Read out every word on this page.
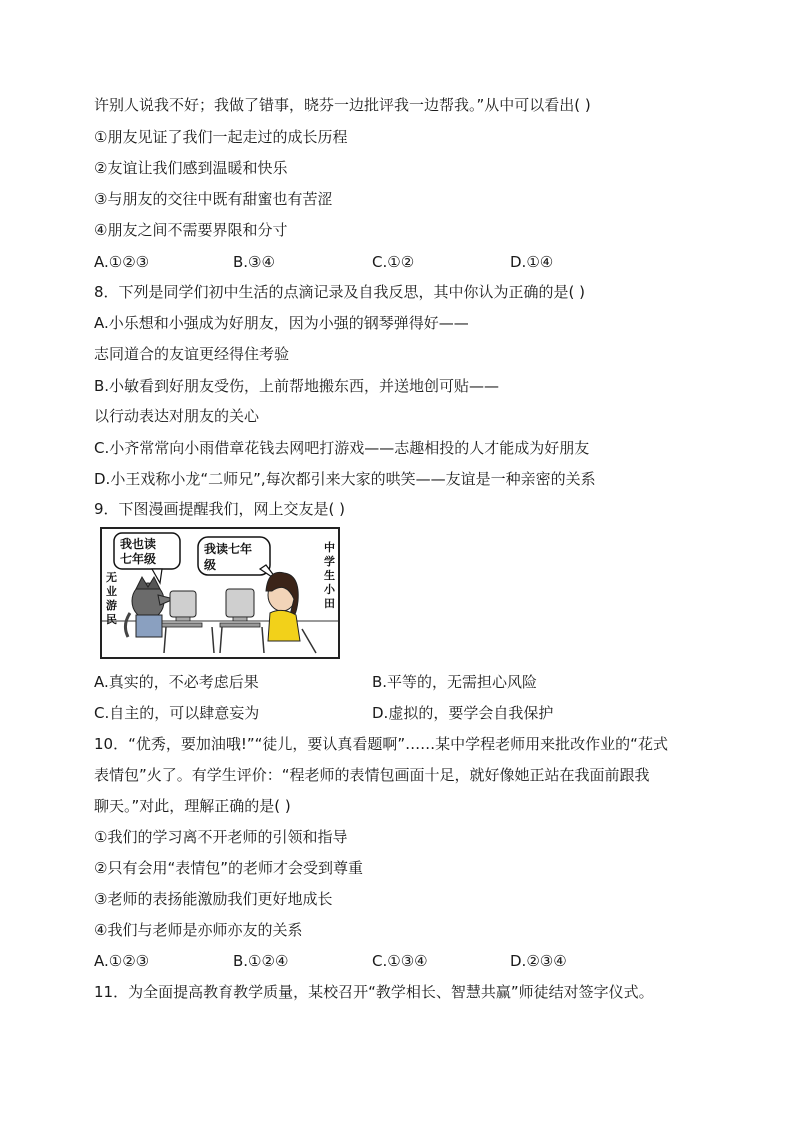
许别人说我不好；我做了错事，晓芬一边批评我一边帮我。”从中可以看出( )
①朋友见证了我们一起走过的成长历程
②友谊让我们感到温暖和快乐
③与朋友的交往中既有甜蜜也有苦涩
④朋友之间不需要界限和分寸
A.①②③	B.③④	C.①②	D.①④
8．下列是同学们初中生活的点滴记录及自我反思，其中你认为正确的是( )
A.小乐想和小强成为好朋友，因为小强的钢琴弹得好——
志同道合的友谊更经得住考验
B.小敏看到好朋友受伤，上前帮地搬东西，并送地创可贴——
以行动表达对朋友的关心
C.小齐常常向小雨借章花钱去网吧打游戏——志趣相投的人才能成为好朋友
D.小王戏称小龙“二师兄”,每次都引来大家的哄笑——友谊是一种亲密的关系
9．下图漫画提醒我们，网上交友是( )
无
业
游
民
中
学
生
小
田
我也读
七年级
我读七年
级
A.真实的，不必考虑后果	B.平等的，无需担心风险
C.自主的，可以肆意妄为	D.虚拟的，要学会自我保护
10．“优秀，要加油哦!”“徒儿，要认真看题啊”……某中学程老师用来批改作业的“花式
表情包”火了。有学生评价：“程老师的表情包画面十足，就好像她正站在我面前跟我
聊天。”对此，理解正确的是( )
①我们的学习离不开老师的引领和指导
②只有会用“表情包”的老师才会受到尊重
③老师的表扬能激励我们更好地成长
④我们与老师是亦师亦友的关系
A.①②③	B.①②④	C.①③④	D.②③④
11．为全面提高教育教学质量，某校召开“教学相长、智慧共赢”师徒结对签字仪式。
